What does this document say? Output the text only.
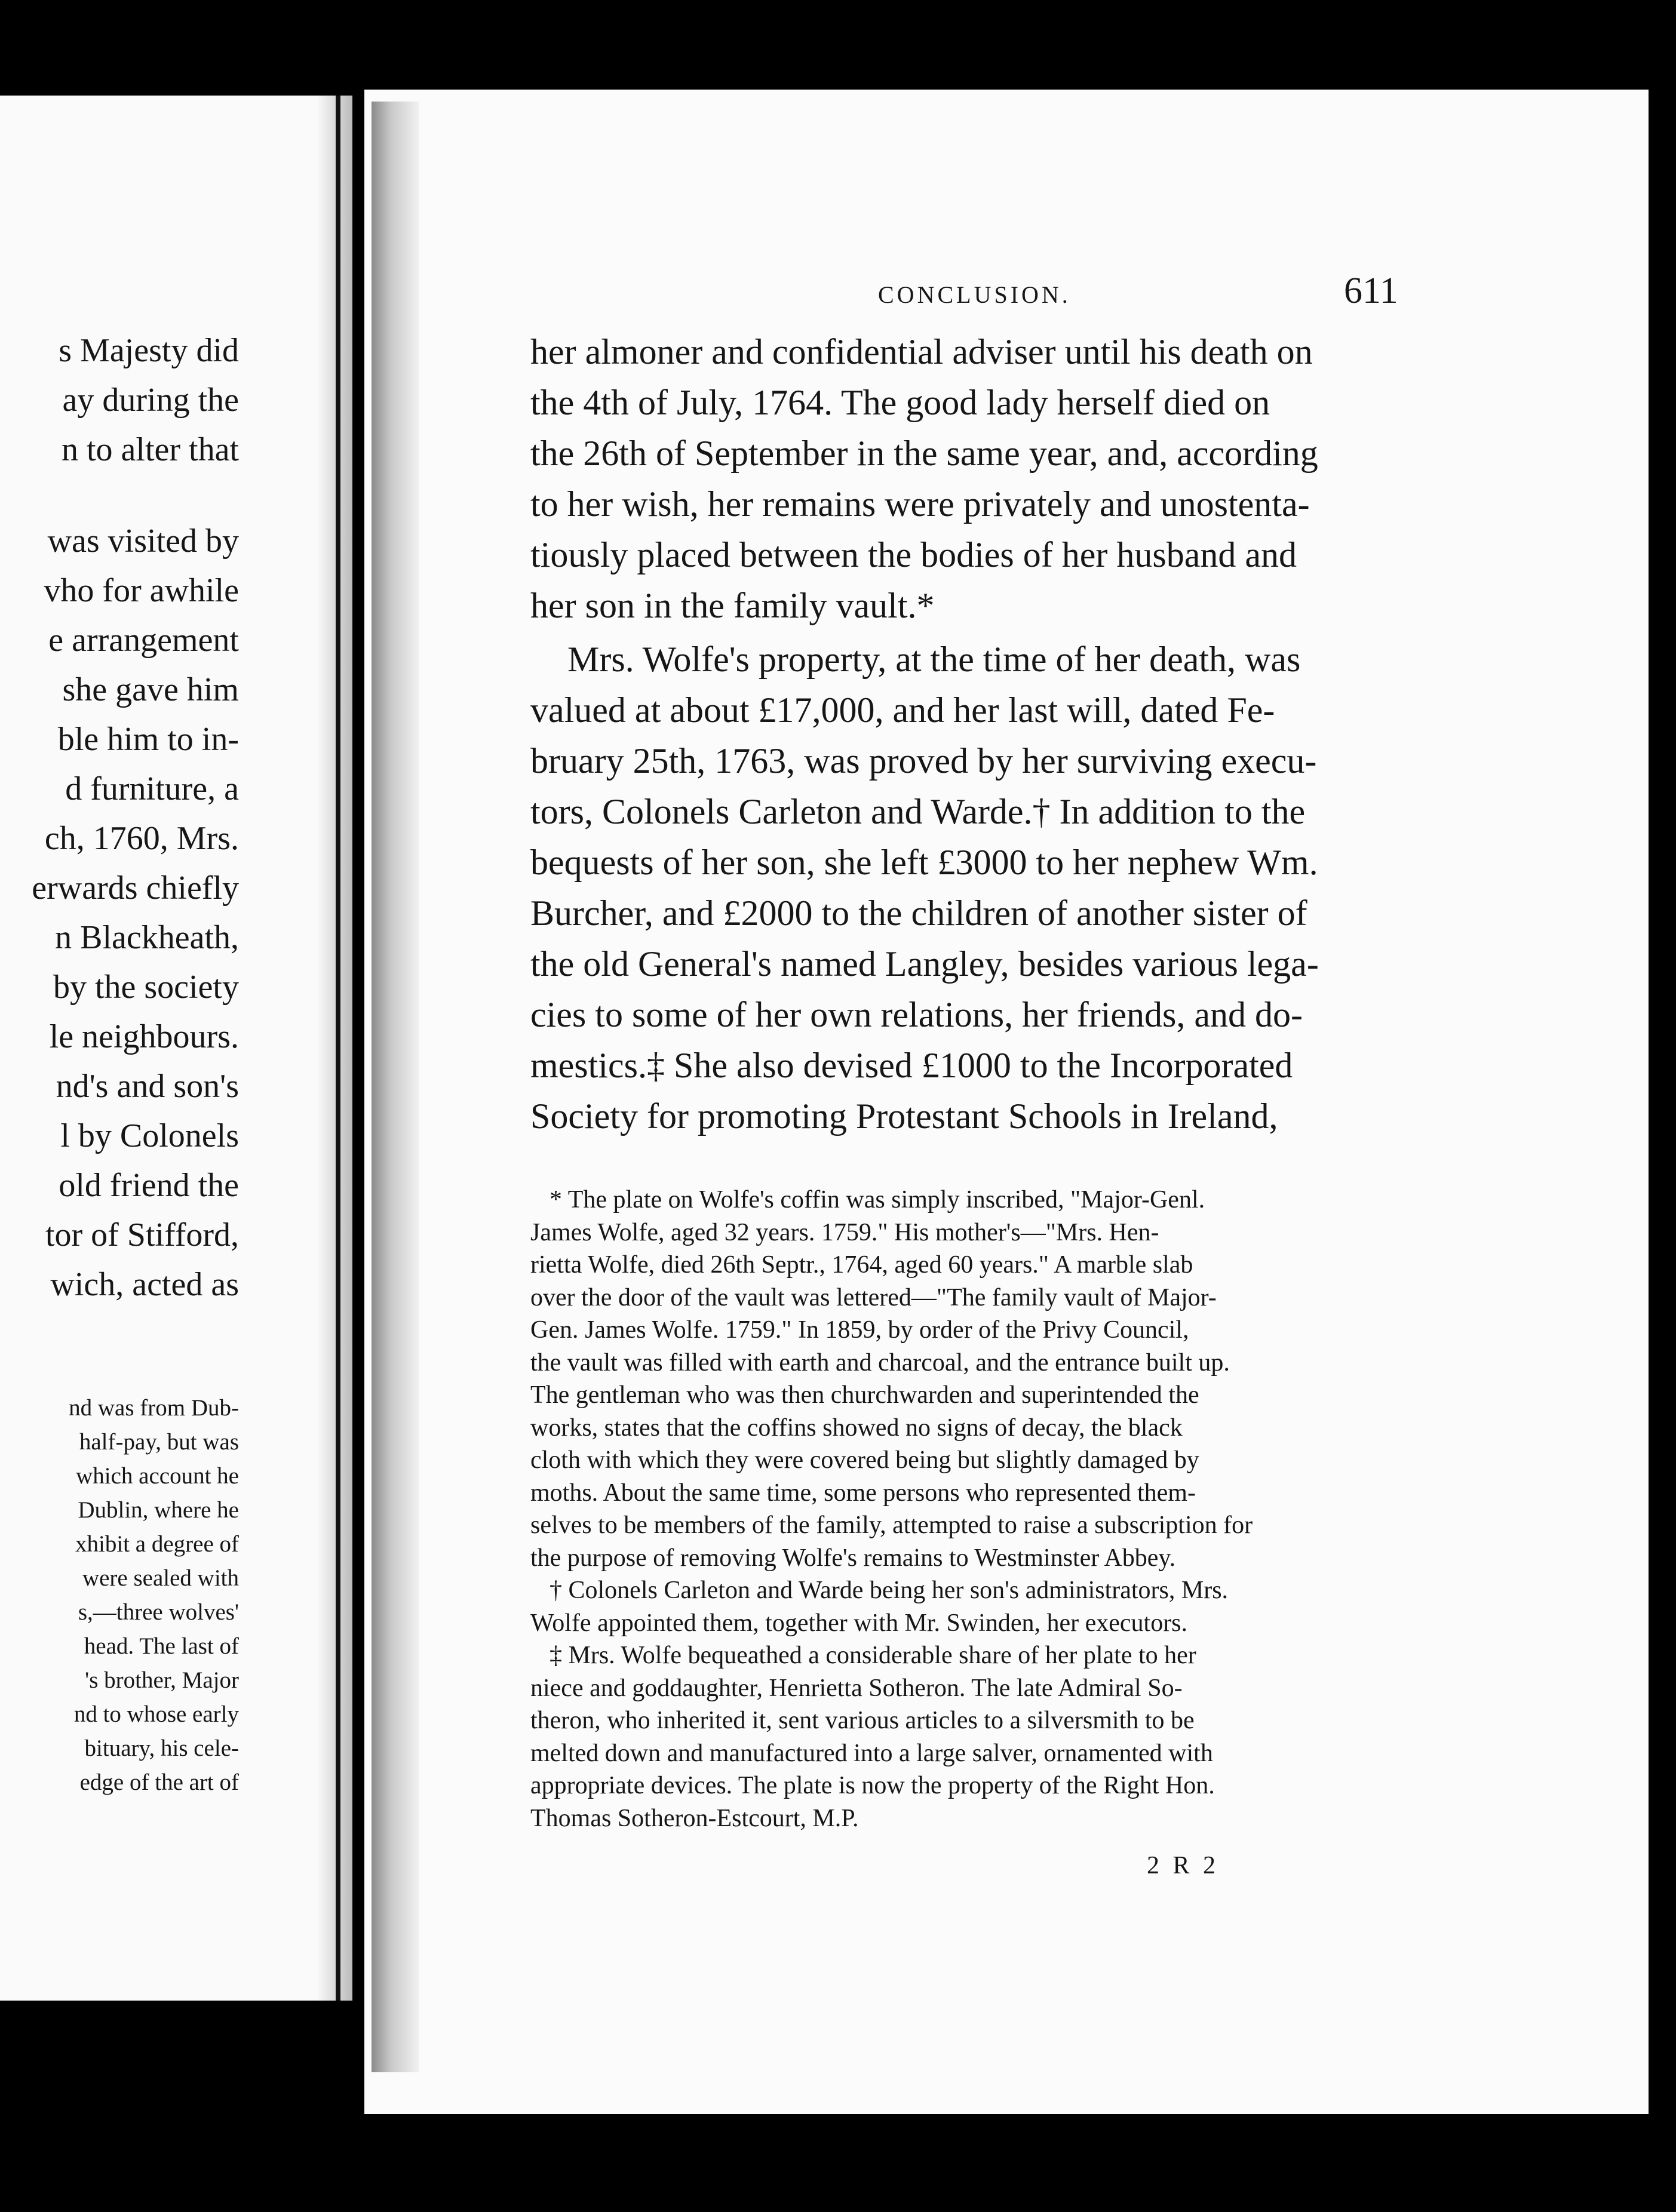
s Majesty did
ay during the
n to alter that
was visited by
vho for awhile
e arrangement
she gave him
ble him to in-
d furniture, a
ch, 1760, Mrs.
erwards chiefly
n Blackheath,
by the society
le neighbours.
nd's and son's
l by Colonels
old friend the
tor of Stifford,
wich, acted as
nd was from Dub-
half-pay, but was
which account he
Dublin, where he
xhibit a degree of
were sealed with
s,—three wolves'
head. The last of
's brother, Major
nd to whose early
bituary, his cele-
edge of the art of
CONCLUSION.	611
her almoner and confidential adviser until his death on
the 4th of July, 1764. The good lady herself died on
the 26th of September in the same year, and, according
to her wish, her remains were privately and unostenta-
tiously placed between the bodies of her husband and
her son in the family vault.*
Mrs. Wolfe's property, at the time of her death, was
valued at about £17,000, and her last will, dated Fe-
bruary 25th, 1763, was proved by her surviving execu-
tors, Colonels Carleton and Warde.† In addition to the
bequests of her son, she left £3000 to her nephew Wm.
Burcher, and £2000 to the children of another sister of
the old General's named Langley, besides various lega-
cies to some of her own relations, her friends, and do-
mestics.‡ She also devised £1000 to the Incorporated
Society for promoting Protestant Schools in Ireland,
* The plate on Wolfe's coffin was simply inscribed, "Major-Genl.
James Wolfe, aged 32 years. 1759." His mother's—"Mrs. Hen-
rietta Wolfe, died 26th Septr., 1764, aged 60 years." A marble slab
over the door of the vault was lettered—"The family vault of Major-
Gen. James Wolfe. 1759." In 1859, by order of the Privy Council,
the vault was filled with earth and charcoal, and the entrance built up.
The gentleman who was then churchwarden and superintended the
works, states that the coffins showed no signs of decay, the black
cloth with which they were covered being but slightly damaged by
moths. About the same time, some persons who represented them-
selves to be members of the family, attempted to raise a subscription for
the purpose of removing Wolfe's remains to Westminster Abbey.
† Colonels Carleton and Warde being her son's administrators, Mrs.
Wolfe appointed them, together with Mr. Swinden, her executors.
‡ Mrs. Wolfe bequeathed a considerable share of her plate to her
niece and goddaughter, Henrietta Sotheron. The late Admiral So-
theron, who inherited it, sent various articles to a silversmith to be
melted down and manufactured into a large salver, ornamented with
appropriate devices. The plate is now the property of the Right Hon.
Thomas Sotheron-Estcourt, M.P.
2 R 2
